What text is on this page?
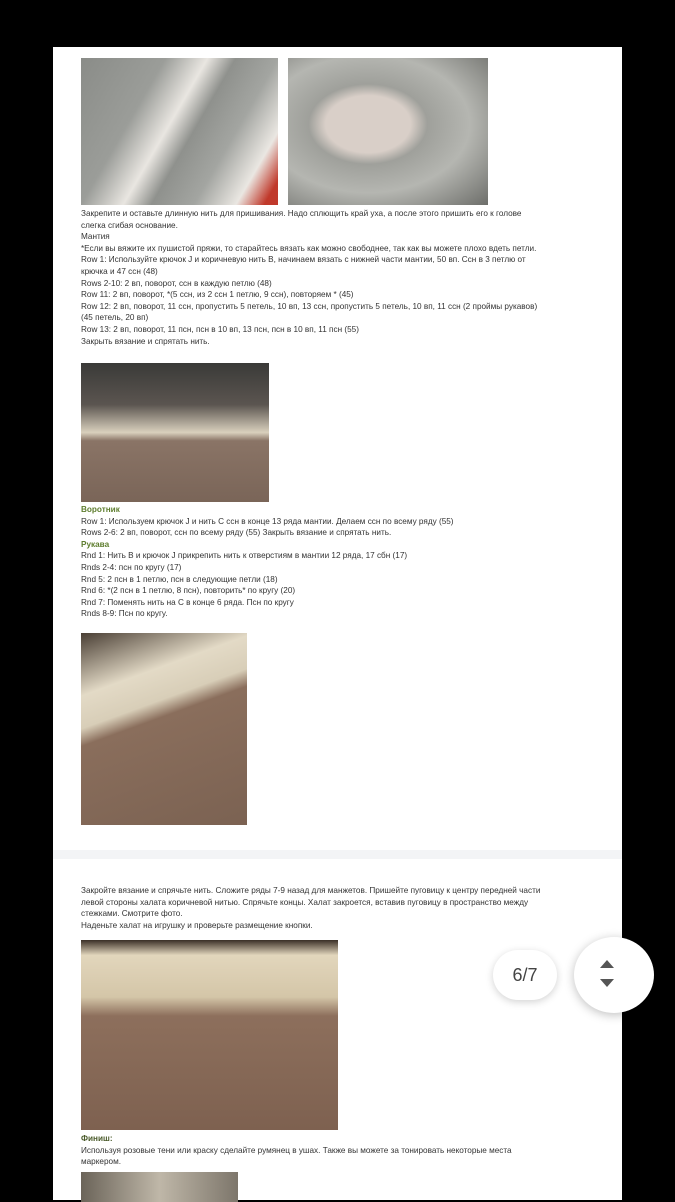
Закрепите и оставьте длинную нить для пришивания. Надо сплющить край уха, а после этого пришить его к голове

слегка сгибая основание.

Мантия

*Если вы вяжите их пушистой пряжи, то старайтесь вязать как можно свободнее, так как вы можете плохо вдеть петли.

Row 1: Используйте крючок J и коричневую нить B, начинаем вязать с нижней части мантии, 50 вп. Ссн в 3 петлю от

крючка и 47 ссн (48)

Rows 2-10: 2 вп, поворот, ссн в каждую петлю (48)

Row 11: 2 вп, поворот, *(5 ссн, из 2 ссн 1 петлю, 9 ссн), повторяем * (45)

Row 12: 2 вп, поворот, 11 ссн, пропустить 5 петель, 10 вп, 13 ссн, пропустить 5 петель, 10 вп, 11 ссн (2 проймы рукавов)

(45 петель, 20 вп)

Row 13: 2 вп, поворот, 11 псн, псн в 10 вп, 13 псн, псн в 10 вп, 11 псн (55)

Закрыть вязание и спрятать нить.

Воротник

Row 1: Используем крючок J и нить C ссн в конце 13 ряда мантии. Делаем ссн по всему ряду (55)

Rows 2-6: 2 вп, поворот, ссн по всему ряду (55) Закрыть вязание и спрятать нить.

Рукава

Rnd 1: Нить B и крючок J прикрепить нить к отверстиям в мантии 12 ряда, 17 сбн (17)

Rnds 2-4: псн по кругу (17)

Rnd 5: 2 псн в 1 петлю, псн в следующие петли (18)

Rnd 6: *(2 псн в 1 петлю, 8 псн), повторить* по кругу (20)

Rnd 7: Поменять нить на C в конце 6 ряда. Псн по кругу

Rnds 8-9: Псн по кругу.

Закройте вязание и спрячьте нить. Сложите ряды 7-9 назад для манжетов. Пришейте пуговицу к центру передней части

левой стороны халата коричневой нитью. Спрячьте концы. Халат закроется, вставив пуговицу в пространство между

стежками. Смотрите фото.

Наденьте халат на игрушку и проверьте размещение кнопки.

Финиш:

Используя розовые тени или краску сделайте румянец в ушах. Также вы можете за тонировать некоторые места

маркером.

6/7
